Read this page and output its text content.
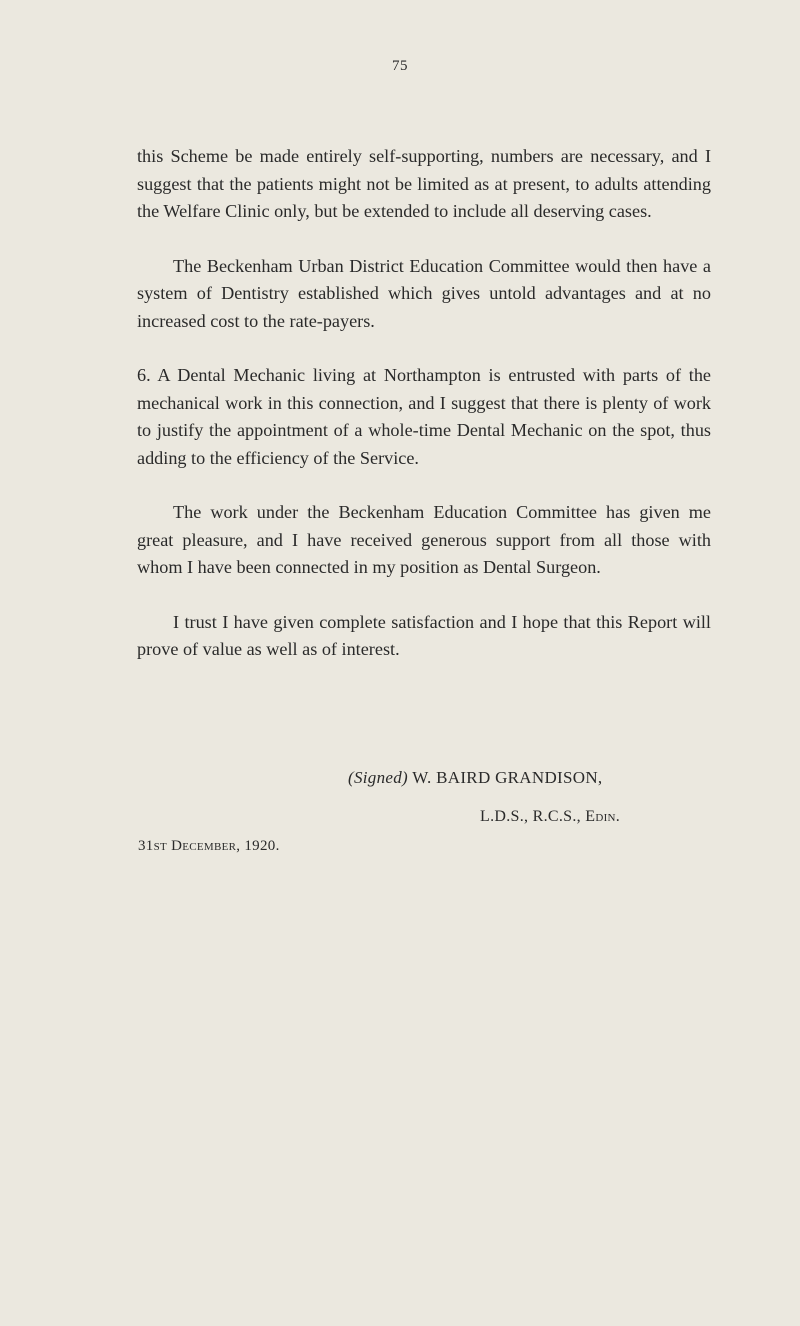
75

this Scheme be made entirely self-supporting, numbers are necessary, and I suggest that the patients might not be limited as at present, to adults attending the Welfare Clinic only, but be extended to include all deserving cases.

The Beckenham Urban District Education Committee would then have a system of Dentistry established which gives untold advantages and at no increased cost to the rate-payers.

6. A Dental Mechanic living at Northampton is entrusted with parts of the mechanical work in this connection, and I suggest that there is plenty of work to justify the appointment of a whole-time Dental Mechanic on the spot, thus adding to the efficiency of the Service.

The work under the Beckenham Education Committee has given me great pleasure, and I have received generous support from all those with whom I have been connected in my position as Dental Surgeon.

I trust I have given complete satisfaction and I hope that this Report will prove of value as well as of interest.

(Signed) W. BAIRD GRANDISON,
L.D.S., R.C.S., Edin.
31st December, 1920.
